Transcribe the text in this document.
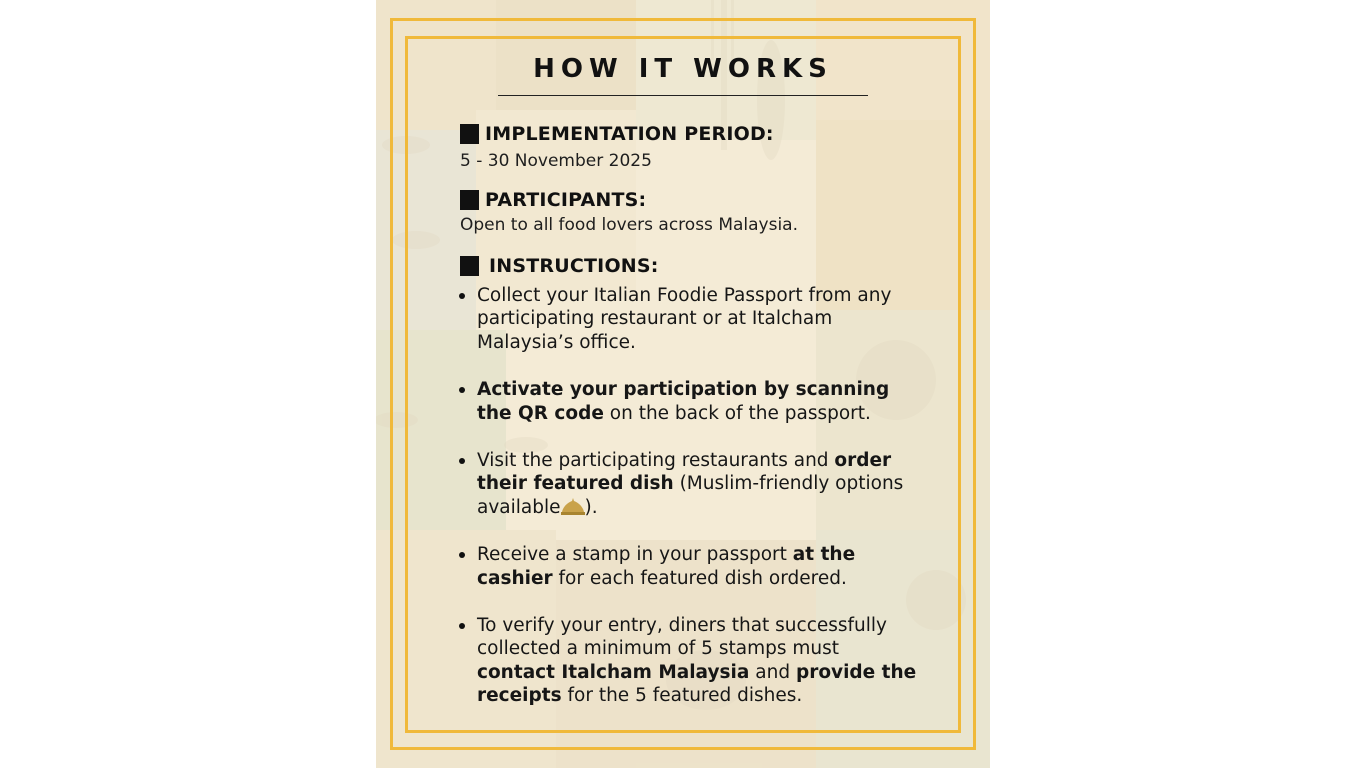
HOW IT WORKS
IMPLEMENTATION PERIOD:
5 - 30 November 2025
PARTICIPANTS:
Open to all food lovers across Malaysia.
INSTRUCTIONS:
Collect your Italian Foodie Passport from any participating restaurant or at Italcham Malaysia’s office.
Activate your participation by scanning the QR code on the back of the passport.
Visit the participating restaurants and order their featured dish (Muslim-friendly options available ).
Receive a stamp in your passport at the cashier for each featured dish ordered.
To verify your entry, diners that successfully collected a minimum of 5 stamps must contact Italcham Malaysia and provide the receipts for the 5 featured dishes.
